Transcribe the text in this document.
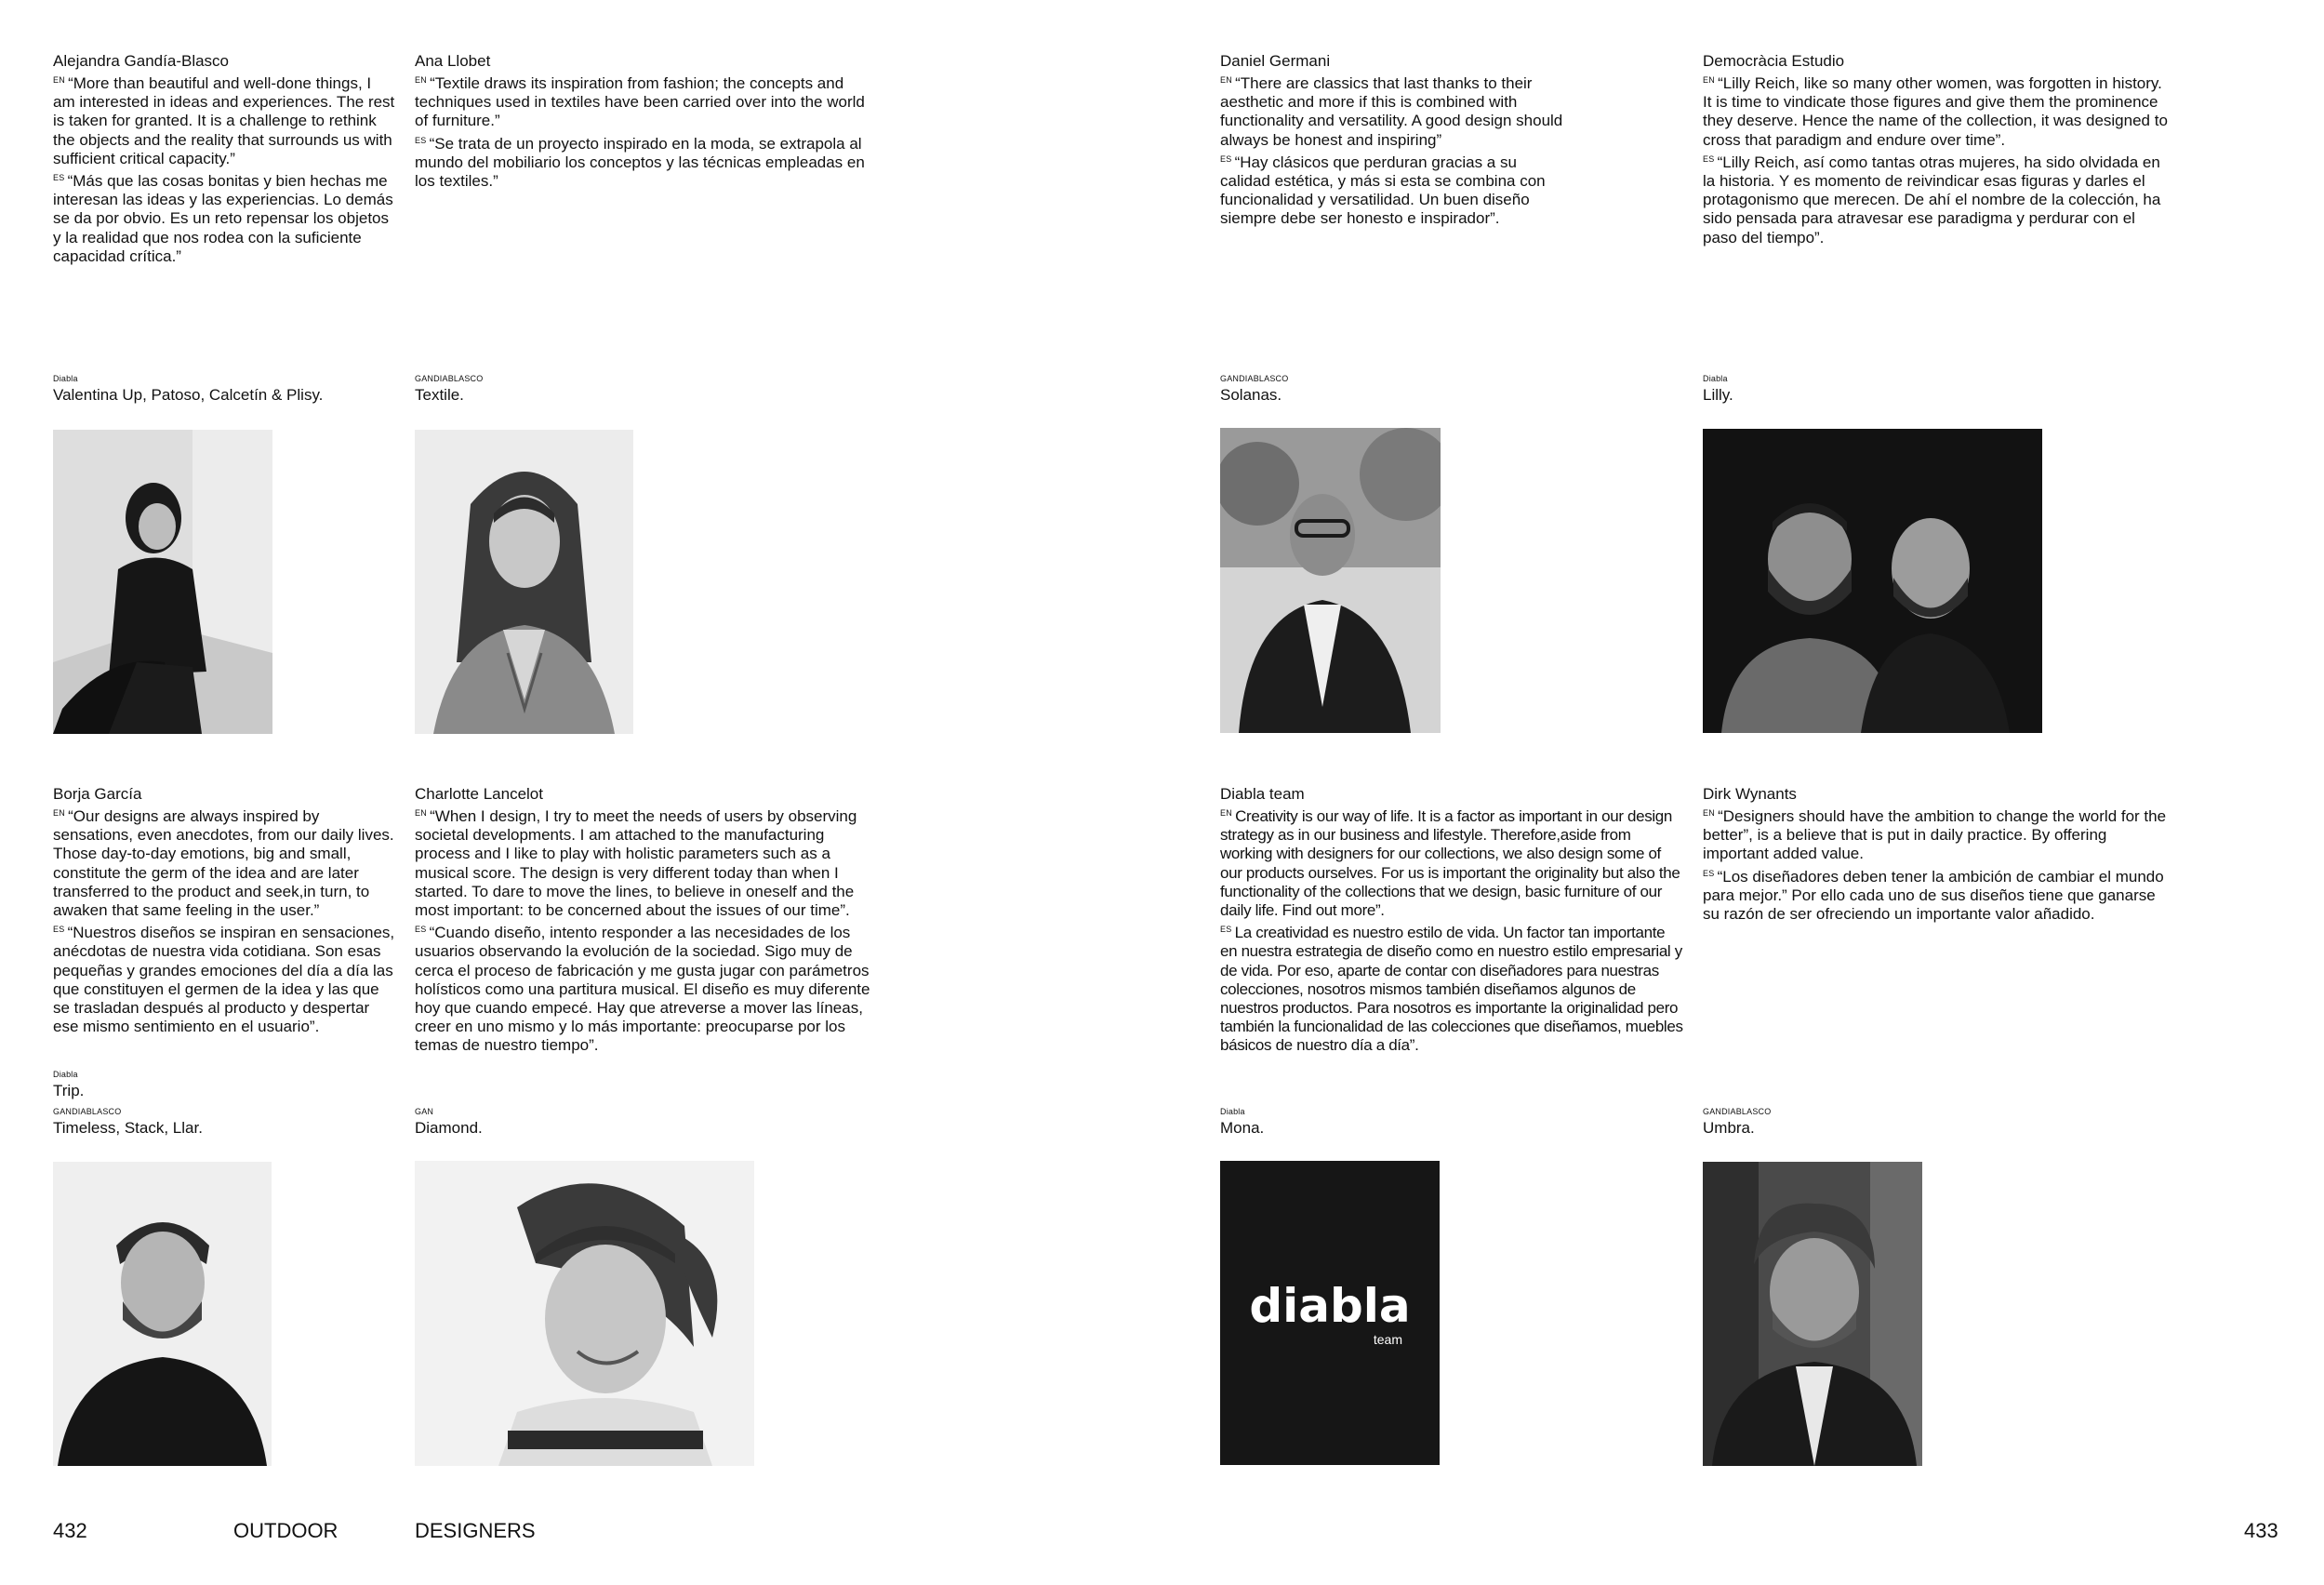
Alejandra Gandía-Blasco

$^{EN}$ “More than beautiful and well-done things, I am interested in ideas and experiences. The rest is taken for granted. It is a challenge to rethink the objects and the reality that surrounds us with sufficient critical capacity.”

$^{ES}$ “Más que las cosas bonitas y bien hechas me interesan las ideas y las experiencias. Lo demás se da por obvio. Es un reto repensar los objetos y la realidad que nos rodea con la suficiente capacidad crítica.”

Diabla
Valentina Up, Patoso, Calcetín & Plisy.
Ana Llobet

$^{EN}$ “Textile draws its inspiration from fashion; the concepts and techniques used in textiles have been carried over into the world of furniture.”

$^{ES}$ “Se trata de un proyecto inspirado en la moda, se extrapola al mundo del mobiliario los conceptos y las técnicas empleadas en los textiles.”

GANDIABLASCO
Textile.
Daniel Germani

$^{EN}$ “There are classics that last thanks to their aesthetic and more if this is combined with functionality and versatility. A good design should always be honest and inspiring”

$^{ES}$ “Hay clásicos que perduran gracias a su calidad estética, y más si esta se combina con funcionalidad y versatilidad. Un buen diseño siempre debe ser honesto e inspirador”.

GANDIABLASCO
Solanas.
Democràcia Estudio

$^{EN}$ “Lilly Reich, like so many other women, was forgotten in history. It is time to vindicate those figures and give them the prominence they deserve. Hence the name of the collection, it was designed to cross that paradigm and endure over time”.

$^{ES}$ “Lilly Reich, así como tantas otras mujeres, ha sido olvidada en la historia. Y es momento de reivindicar esas figuras y darles el protagonismo que merecen. De ahí el nombre de la colección, ha sido pensada para atravesar ese paradigma y perdurar con el paso del tiempo”.

Diabla
Lilly.
Borja García

$^{EN}$ “Our designs are always inspired by sensations, even anecdotes, from our daily lives. Those day-to-day emotions, big and small, constitute the germ of the idea and are later transferred to the product and seek,in turn, to awaken that same feeling in the user.”

$^{ES}$ “Nuestros diseños se inspiran en sensaciones, anécdotas de nuestra vida cotidiana. Son esas pequeñas y grandes emociones del día a día las que constituyen el germen de la idea y las que se trasladan después al producto y despertar ese mismo sentimiento en el usuario”.

Diabla
Trip.
GANDIABLASCO
Timeless, Stack, Llar.
Charlotte Lancelot

$^{EN}$ “When I design, I try to meet the needs of users by observing societal developments. I am attached to the manufacturing process and I like to play with holistic parameters such as a musical score. The design is very different today than when I started. To dare to move the lines, to believe in oneself and the most important: to be concerned about the issues of our time”.

$^{ES}$ “Cuando diseño, intento responder a las necesidades de los usuarios observando la evolución de la sociedad. Sigo muy de cerca el proceso de fabricación y me gusta jugar con parámetros holísticos como una partitura musical. El diseño es muy diferente hoy que cuando empecé. Hay que atreverse a mover las líneas, creer en uno mismo y lo más importante: preocuparse por los temas de nuestro tiempo”.

GAN
Diamond.
Diabla team

$^{EN}$ Creativity is our way of life. It is a factor as important in our design strategy as in our business and lifestyle. Therefore,aside from working with designers for our collections, we also design some of our products ourselves. For us is important the originality but also the functionality of the collections that we design, basic furniture of our daily life. Find out more”.

$^{ES}$ La creatividad es nuestro estilo de vida. Un factor tan importante en nuestra estrategia de diseño como en nuestro estilo empresarial y de vida. Por eso, aparte de contar con diseñadores para nuestras colecciones, nosotros mismos también diseñamos algunos de nuestros productos. Para nosotros es importante la originalidad pero también la funcionalidad de las colecciones que diseñamos, muebles básicos de nuestro día a día”.

Diabla
Mona.
diabla
team
Dirk Wynants

$^{EN}$ “Designers should have the ambition to change the world for the better”, is a believe that is put in daily practice. By offering important added value.

$^{ES}$ “Los diseñadores deben tener la ambición de cambiar el mundo para mejor.” Por ello cada uno de sus diseños tiene que ganarse su razón de ser ofreciendo un importante valor añadido.

GANDIABLASCO
Umbra.
432	OUTDOOR	DESIGNERS	433
